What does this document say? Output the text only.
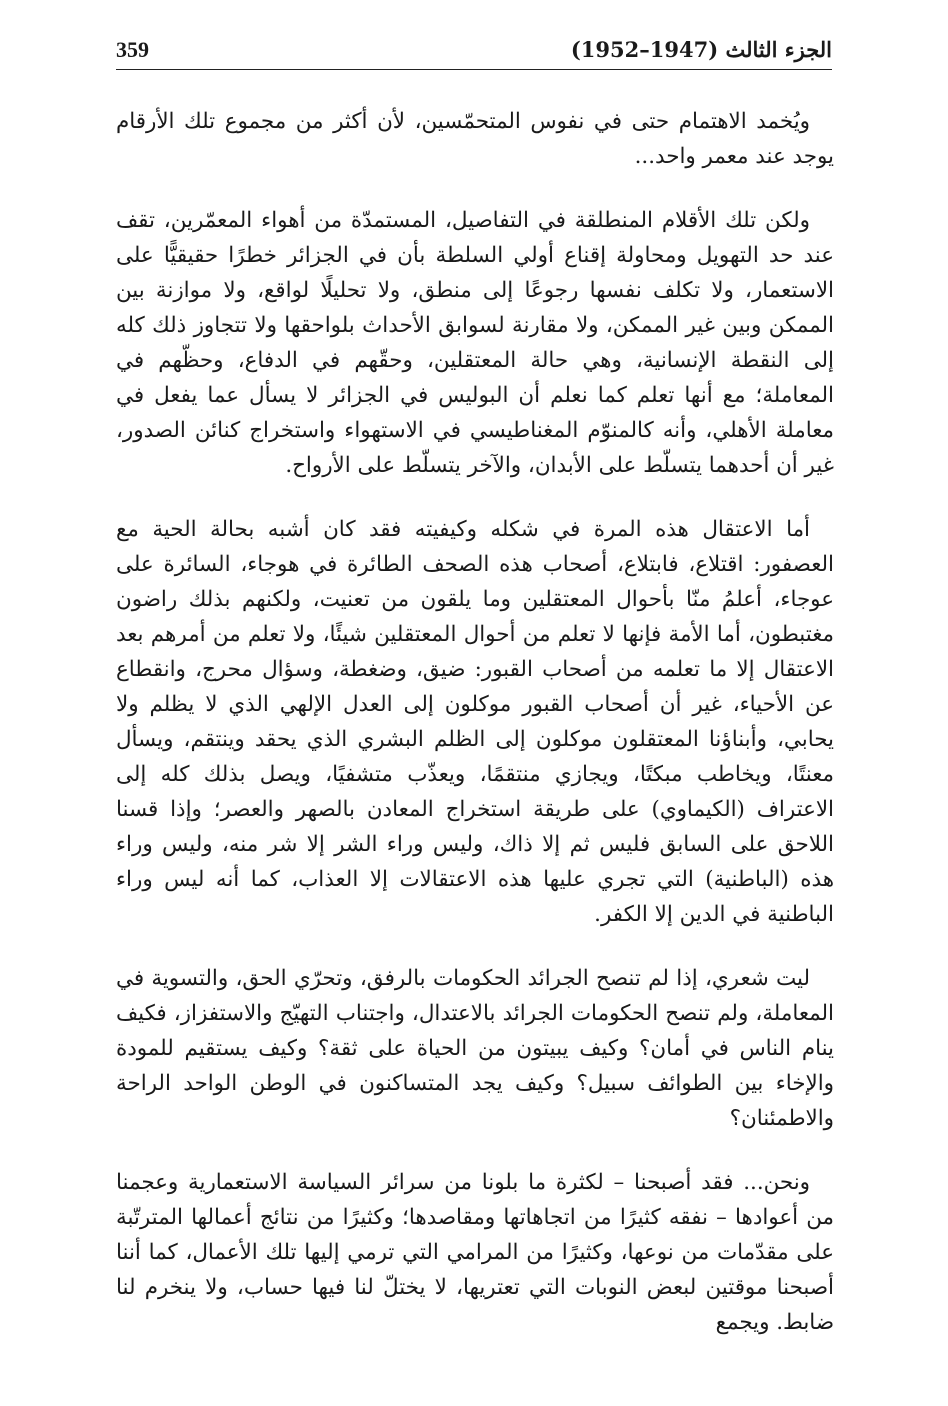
359	الجزء الثالث (1947–1952)

ويُخمد الاهتمام حتى في نفوس المتحمّسين، لأن أكثر من مجموع تلك الأرقام يوجد عند معمر واحد...

ولكن تلك الأقلام المنطلقة في التفاصيل، المستمدّة من أهواء المعمّرين، تقف عند حد التهويل ومحاولة إقناع أولي السلطة بأن في الجزائر خطرًا حقيقيًّا على الاستعمار، ولا تكلف نفسها رجوعًا إلى منطق، ولا تحليلًا لواقع، ولا موازنة بين الممكن وبين غير الممكن، ولا مقارنة لسوابق الأحداث بلواحقها ولا تتجاوز ذلك كله إلى النقطة الإنسانية، وهي حالة المعتقلين، وحقّهم في الدفاع، وحظّهم في المعاملة؛ مع أنها تعلم كما نعلم أن البوليس في الجزائر لا يسأل عما يفعل في معاملة الأهلي، وأنه كالمنوّم المغناطيسي في الاستهواء واستخراج كنائن الصدور، غير أن أحدهما يتسلّط على الأبدان، والآخر يتسلّط على الأرواح.

أما الاعتقال هذه المرة في شكله وكيفيته فقد كان أشبه بحالة الحية مع العصفور: اقتلاع، فابتلاع، أصحاب هذه الصحف الطائرة في هوجاء، السائرة على عوجاء، أعلمُ منّا بأحوال المعتقلين وما يلقون من تعنيت، ولكنهم بذلك راضون مغتبطون، أما الأمة فإنها لا تعلم من أحوال المعتقلين شيئًا، ولا تعلم من أمرهم بعد الاعتقال إلا ما تعلمه من أصحاب القبور: ضيق، وضغطة، وسؤال محرج، وانقطاع عن الأحياء، غير أن أصحاب القبور موكلون إلى العدل الإلهي الذي لا يظلم ولا يحابي، وأبناؤنا المعتقلون موكلون إلى الظلم البشري الذي يحقد وينتقم، ويسأل معنتًا، ويخاطب مبكتًا، ويجازي منتقمًا، ويعذّب متشفيًا، ويصل بذلك كله إلى الاعتراف (الكيماوي) على طريقة استخراج المعادن بالصهر والعصر؛ وإذا قسنا اللاحق على السابق فليس ثم إلا ذاك، وليس وراء الشر إلا شر منه، وليس وراء هذه (الباطنية) التي تجري عليها هذه الاعتقالات إلا العذاب، كما أنه ليس وراء الباطنية في الدين إلا الكفر.

ليت شعري، إذا لم تنصح الجرائد الحكومات بالرفق، وتحرّي الحق، والتسوية في المعاملة، ولم تنصح الحكومات الجرائد بالاعتدال، واجتناب التهيّج والاستفزاز، فكيف ينام الناس في أمان؟ وكيف يبيتون من الحياة على ثقة؟ وكيف يستقيم للمودة والإخاء بين الطوائف سبيل؟ وكيف يجد المتساكنون في الوطن الواحد الراحة والاطمئنان؟

ونحن... فقد أصبحنا – لكثرة ما بلونا من سرائر السياسة الاستعمارية وعجمنا من أعوادها – نفقه كثيرًا من اتجاهاتها ومقاصدها؛ وكثيرًا من نتائج أعمالها المترتّبة على مقدّمات من نوعها، وكثيرًا من المرامي التي ترمي إليها تلك الأعمال، كما أننا أصبحنا موقتين لبعض النوبات التي تعتريها، لا يختلّ لنا فيها حساب، ولا ينخرم لنا ضابط. ويجمع
